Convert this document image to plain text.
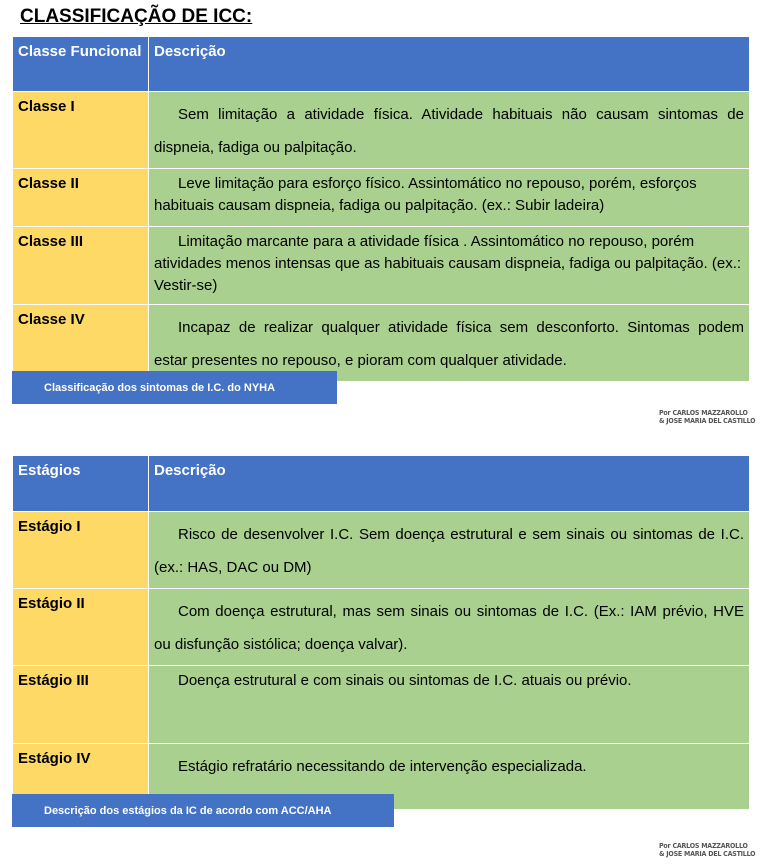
CLASSIFICAÇÃO DE ICC:
Classe Funcional	Descrição
Classe I	Sem limitação a atividade física. Atividade habituais não causam sintomas de dispneia, fadiga ou palpitação.
Classe II	Leve limitação para esforço físico. Assintomático no repouso, porém, esforços habituais causam dispneia, fadiga ou palpitação. (ex.: Subir ladeira)
Classe III	Limitação marcante para a atividade física . Assintomático no repouso, porém atividades menos intensas que as habituais causam dispneia, fadiga ou palpitação. (ex.: Vestir-se)
Classe IV	Incapaz de realizar qualquer atividade física sem desconforto. Sintomas podem estar presentes no repouso, e pioram com qualquer atividade.
Classificação dos sintomas de I.C. do NYHA
Por CARLOS MAZZAROLLO
& JOSE MARIA DEL CASTILLO
Estágios	Descrição
Estágio I	Risco de desenvolver I.C. Sem doença estrutural e sem sinais ou sintomas de I.C.(ex.: HAS, DAC ou DM)
Estágio II	Com doença estrutural, mas sem sinais ou sintomas de I.C. (Ex.: IAM prévio, HVE ou disfunção sistólica; doença valvar).
Estágio III	Doença estrutural e com sinais ou sintomas de I.C. atuais ou prévio.
Estágio IV	Estágio refratário necessitando de intervenção especializada.
Descrição dos estágios da IC de acordo com ACC/AHA
Por CARLOS MAZZAROLLO
& JOSE MARIA DEL CASTILLO
